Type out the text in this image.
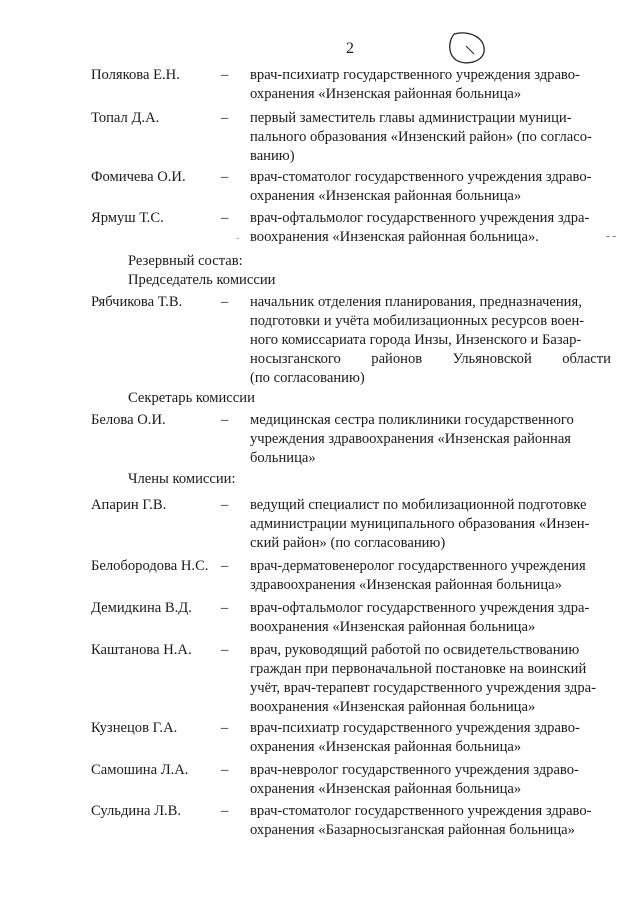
2
Полякова Е.Н.	– врач-психиатр государственного учреждения здраво-
охранения «Инзенская районная больница»
Топал Д.А.	– первый заместитель главы администрации муници-
пального образования «Инзенский район» (по согласо-
ванию)
Фомичева О.И. – врач-стоматолог государственного учреждения здраво-
охранения «Инзенская районная больница»
Ярмуш Т.С.	– врач-офтальмолог государственного учреждения здра-
воохранения «Инзенская районная больница».
Резервный состав:
Председатель комиссии
Рябчикова Т.В.	– начальник отделения планирования, предназначения,
подготовки и учёта мобилизационных ресурсов воен-
ного комиссариата города Инзы, Инзенского и Базар-
носызганского районов Ульяновской области
(по согласованию)
Секретарь комиссии
Белова О.И.	– медицинская сестра поликлиники государственного
учреждения здравоохранения «Инзенская районная
больница»
Члены комиссии:
Апарин Г.В.	– ведущий специалист по мобилизационной подготовке
администрации муниципального образования «Инзен-
ский район» (по согласованию)
Белобородова Н.С. – врач-дерматовенеролог государственного учреждения
здравоохранения «Инзенская районная больница»
Демидкина В.Д. – врач-офтальмолог государственного учреждения здра-
воохранения «Инзенская районная больница»
Каштанова Н.А. – врач, руководящий работой по освидетельствованию
граждан при первоначальной постановке на воинский
учёт, врач-терапевт государственного учреждения здра-
воохранения «Инзенская районная больница»
Кузнецов Г.А.	– врач-психиатр государственного учреждения здраво-
охранения «Инзенская районная больница»
Самошина Л.А. – врач-невролог государственного учреждения здраво-
охранения «Инзенская районная больница»
Сульдина Л.В.	– врач-стоматолог государственного учреждения здраво-
охранения «Базарносызганская районная больница»
- -
·
